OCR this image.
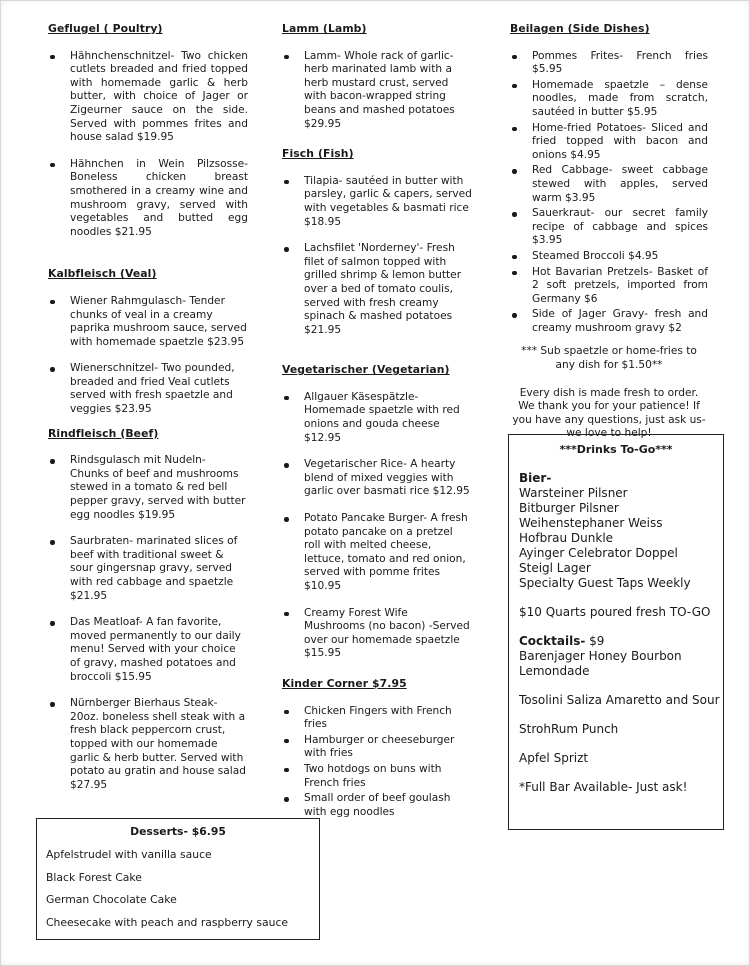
Geflugel ( Poultry)
Hähnchenschnitzel- Two chicken cutlets breaded and fried topped with homemade garlic & herb butter, with choice of Jager or Zigeurner sauce on the side. Served with pommes frites and house salad $19.95
Hähnchen in Wein Pilzsosse- Boneless chicken breast smothered in a creamy wine and mushroom gravy, served with vegetables and butted egg noodles $21.95
Kalbfleisch (Veal)
Wiener Rahmgulasch- Tender chunks of veal in a creamy paprika mushroom sauce, served with homemade spaetzle $23.95
Wienerschnitzel- Two pounded, breaded and fried Veal cutlets served with fresh spaetzle and veggies $23.95
Rindfleisch (Beef)
Rindsgulasch mit Nudeln- Chunks of beef and mushrooms stewed in a tomato & red bell pepper gravy, served with butter egg noodles $19.95
Saurbraten- marinated slices of beef with traditional sweet & sour gingersnap gravy, served with red cabbage and spaetzle $21.95
Das Meatloaf- A fan favorite, moved permanently to our daily menu! Served with your choice of gravy, mashed potatoes and broccoli $15.95
Nürnberger Bierhaus Steak- 20oz. boneless shell steak with a fresh black peppercorn crust, topped with our homemade garlic & herb butter. Served with potato au gratin and house salad $27.95
Lamm (Lamb)
Lamm- Whole rack of garlic-herb marinated lamb with a herb mustard crust, served with bacon-wrapped string beans and mashed potatoes $29.95
Fisch (Fish)
Tilapia- sautéed in butter with parsley, garlic & capers, served with vegetables & basmati rice $18.95
Lachsfilet 'Norderney'- Fresh filet of salmon topped with grilled shrimp & lemon butter over a bed of tomato coulis, served with fresh creamy spinach & mashed potatoes $21.95
Vegetarischer (Vegetarian)
Allgauer Käsespätzle- Homemade spaetzle with red onions and gouda cheese $12.95
Vegetarischer Rice- A hearty blend of mixed veggies with garlic over basmati rice $12.95
Potato Pancake Burger- A fresh potato pancake on a pretzel roll with melted cheese, lettuce, tomato and red onion, served with pomme frites $10.95
Creamy Forest Wife Mushrooms (no bacon) -Served over our homemade spaetzle $15.95
Kinder Corner $7.95
Chicken Fingers with French fries
Hamburger or cheeseburger with fries
Two hotdogs on buns with French fries
Small order of beef goulash with egg noodles
Beilagen (Side Dishes)
Pommes Frites- French fries $5.95
Homemade spaetzle – dense noodles, made from scratch, sautéed in butter $5.95
Home-fried Potatoes- Sliced and fried topped with bacon and onions $4.95
Red Cabbage- sweet cabbage stewed with apples, served warm $3.95
Sauerkraut- our secret family recipe of cabbage and spices $3.95
Steamed Broccoli $4.95
Hot Bavarian Pretzels- Basket of 2 soft pretzels, imported from Germany $6
Side of Jager Gravy- fresh and creamy mushroom gravy $2
*** Sub spaetzle or home-fries to any dish for $1.50**
Every dish is made fresh to order. We thank you for your patience! If you have any questions, just ask us- we love to help!
***Drinks To-Go***
Bier-
Warsteiner Pilsner
Bitburger Pilsner
Weihenstephaner Weiss
Hofbrau Dunkle
Ayinger Celebrator Doppel
Steigl Lager
Specialty Guest Taps Weekly
$10 Quarts poured fresh TO-GO
Cocktails- $9
Barenjager Honey Bourbon Lemondade
Tosolini Saliza Amaretto and Sour
StrohRum Punch
Apfel Sprizt
*Full Bar Available- Just ask!
Desserts- $6.95
Apfelstrudel with vanilla sauce
Black Forest Cake
German Chocolate Cake
Cheesecake with peach and raspberry sauce
